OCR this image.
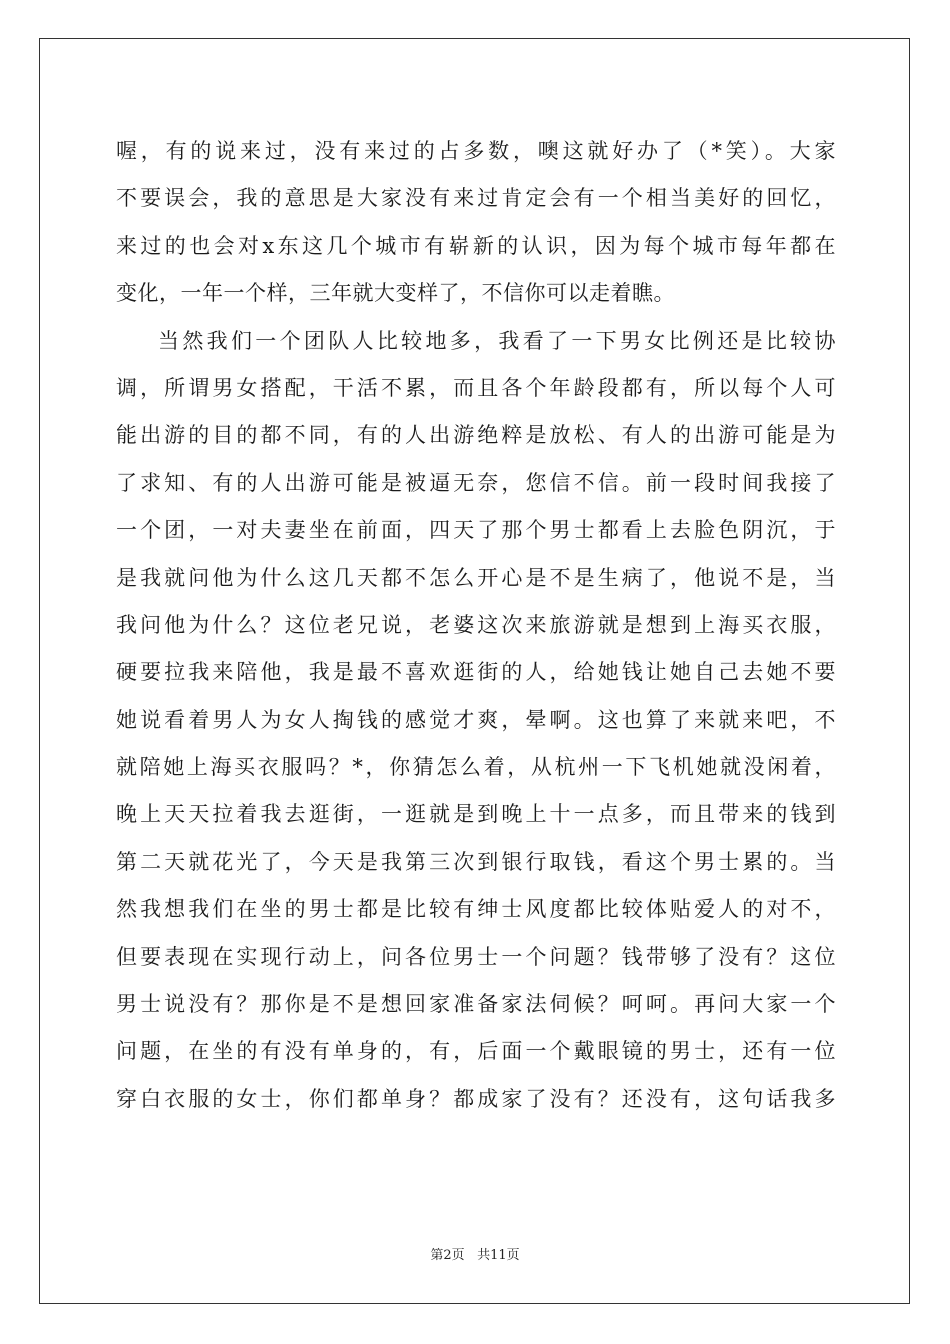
喔，有的说来过，没有来过的占多数，噢这就好办了（*笑）。大家
不要误会，我的意思是大家没有来过肯定会有一个相当美好的回忆，
来过的也会对x东这几个城市有崭新的认识，因为每个城市每年都在
变化，一年一个样，三年就大变样了，不信你可以走着瞧。
当然我们一个团队人比较地多，我看了一下男女比例还是比较协
调，所谓男女搭配，干活不累，而且各个年龄段都有，所以每个人可
能出游的目的都不同，有的人出游绝粹是放松、有人的出游可能是为
了求知、有的人出游可能是被逼无奈，您信不信。前一段时间我接了
一个团，一对夫妻坐在前面，四天了那个男士都看上去脸色阴沉，于
是我就问他为什么这几天都不怎么开心是不是生病了，他说不是，当
我问他为什么？这位老兄说，老婆这次来旅游就是想到上海买衣服，
硬要拉我来陪他，我是最不喜欢逛街的人，给她钱让她自己去她不要
她说看着男人为女人掏钱的感觉才爽，晕啊。这也算了来就来吧，不
就陪她上海买衣服吗？*，你猜怎么着，从杭州一下飞机她就没闲着，
晚上天天拉着我去逛街，一逛就是到晚上十一点多，而且带来的钱到
第二天就花光了，今天是我第三次到银行取钱，看这个男士累的。当
然我想我们在坐的男士都是比较有绅士风度都比较体贴爱人的对不，
但要表现在实现行动上，问各位男士一个问题？钱带够了没有？这位
男士说没有？那你是不是想回家准备家法伺候？呵呵。再问大家一个
问题，在坐的有没有单身的，有，后面一个戴眼镜的男士，还有一位
穿白衣服的女士，你们都单身？都成家了没有？还没有，这句话我多
第2页 共11页
